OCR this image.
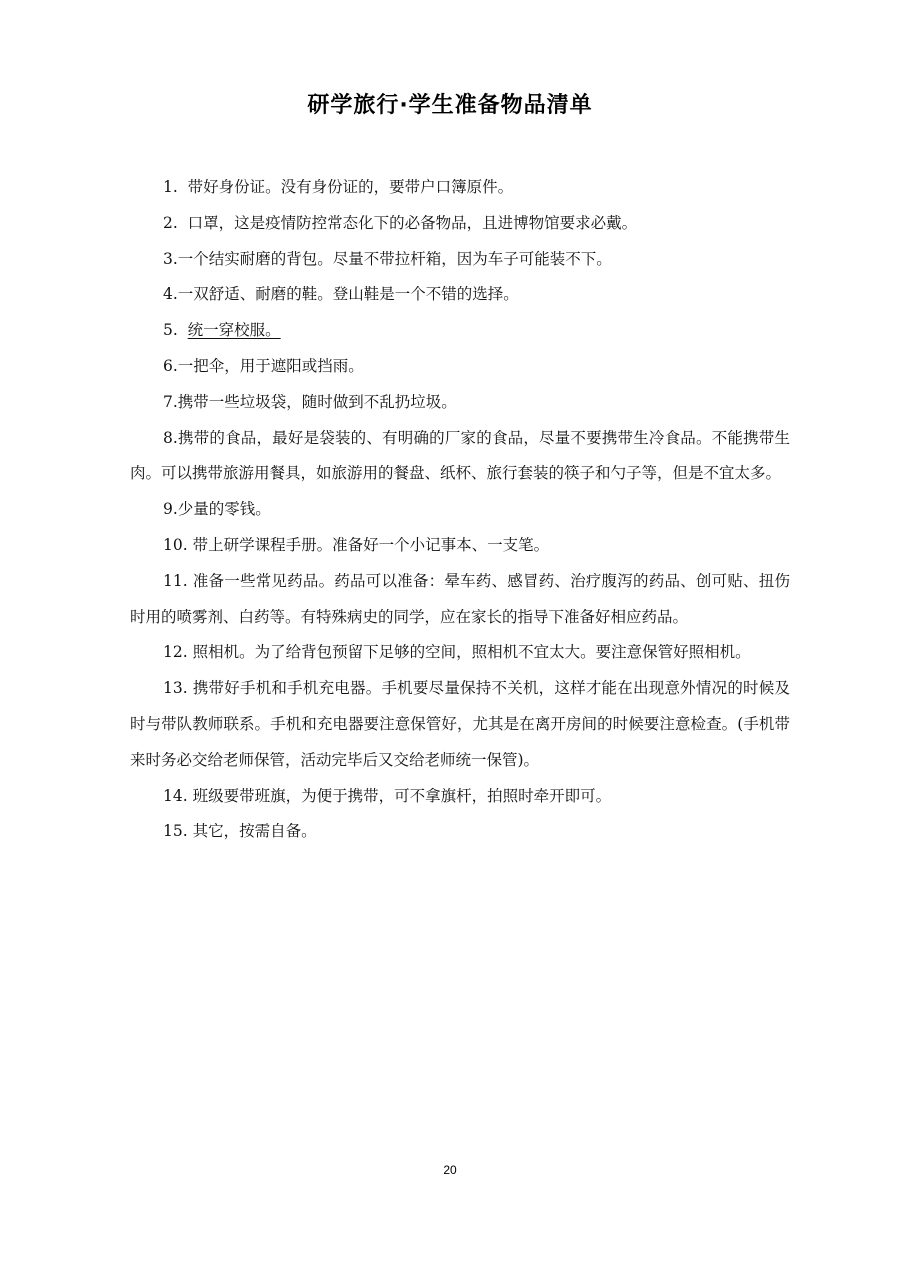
研学旅行·学生准备物品清单

1. 带好身份证。没有身份证的，要带户口簿原件。

2. 口罩，这是疫情防控常态化下的必备物品，且进博物馆要求必戴。

3.一个结实耐磨的背包。尽量不带拉杆箱，因为车子可能装不下。

4.一双舒适、耐磨的鞋。登山鞋是一个不错的选择。

5. 统一穿校服。

6.一把伞，用于遮阳或挡雨。

7.携带一些垃圾袋，随时做到不乱扔垃圾。

8.携带的食品，最好是袋装的、有明确的厂家的食品，尽量不要携带生冷食品。不能携带生肉。可以携带旅游用餐具，如旅游用的餐盘、纸杯、旅行套装的筷子和勺子等，但是不宜太多。

9.少量的零钱。

10. 带上研学课程手册。准备好一个小记事本、一支笔。

11. 准备一些常见药品。药品可以准备：晕车药、感冒药、治疗腹泻的药品、创可贴、扭伤时用的喷雾剂、白药等。有特殊病史的同学，应在家长的指导下准备好相应药品。

12. 照相机。为了给背包预留下足够的空间，照相机不宜太大。要注意保管好照相机。

13. 携带好手机和手机充电器。手机要尽量保持不关机，这样才能在出现意外情况的时候及时与带队教师联系。手机和充电器要注意保管好，尤其是在离开房间的时候要注意检查。(手机带来时务必交给老师保管，活动完毕后又交给老师统一保管)。

14. 班级要带班旗，为便于携带，可不拿旗杆，拍照时牵开即可。

15. 其它，按需自备。

20
